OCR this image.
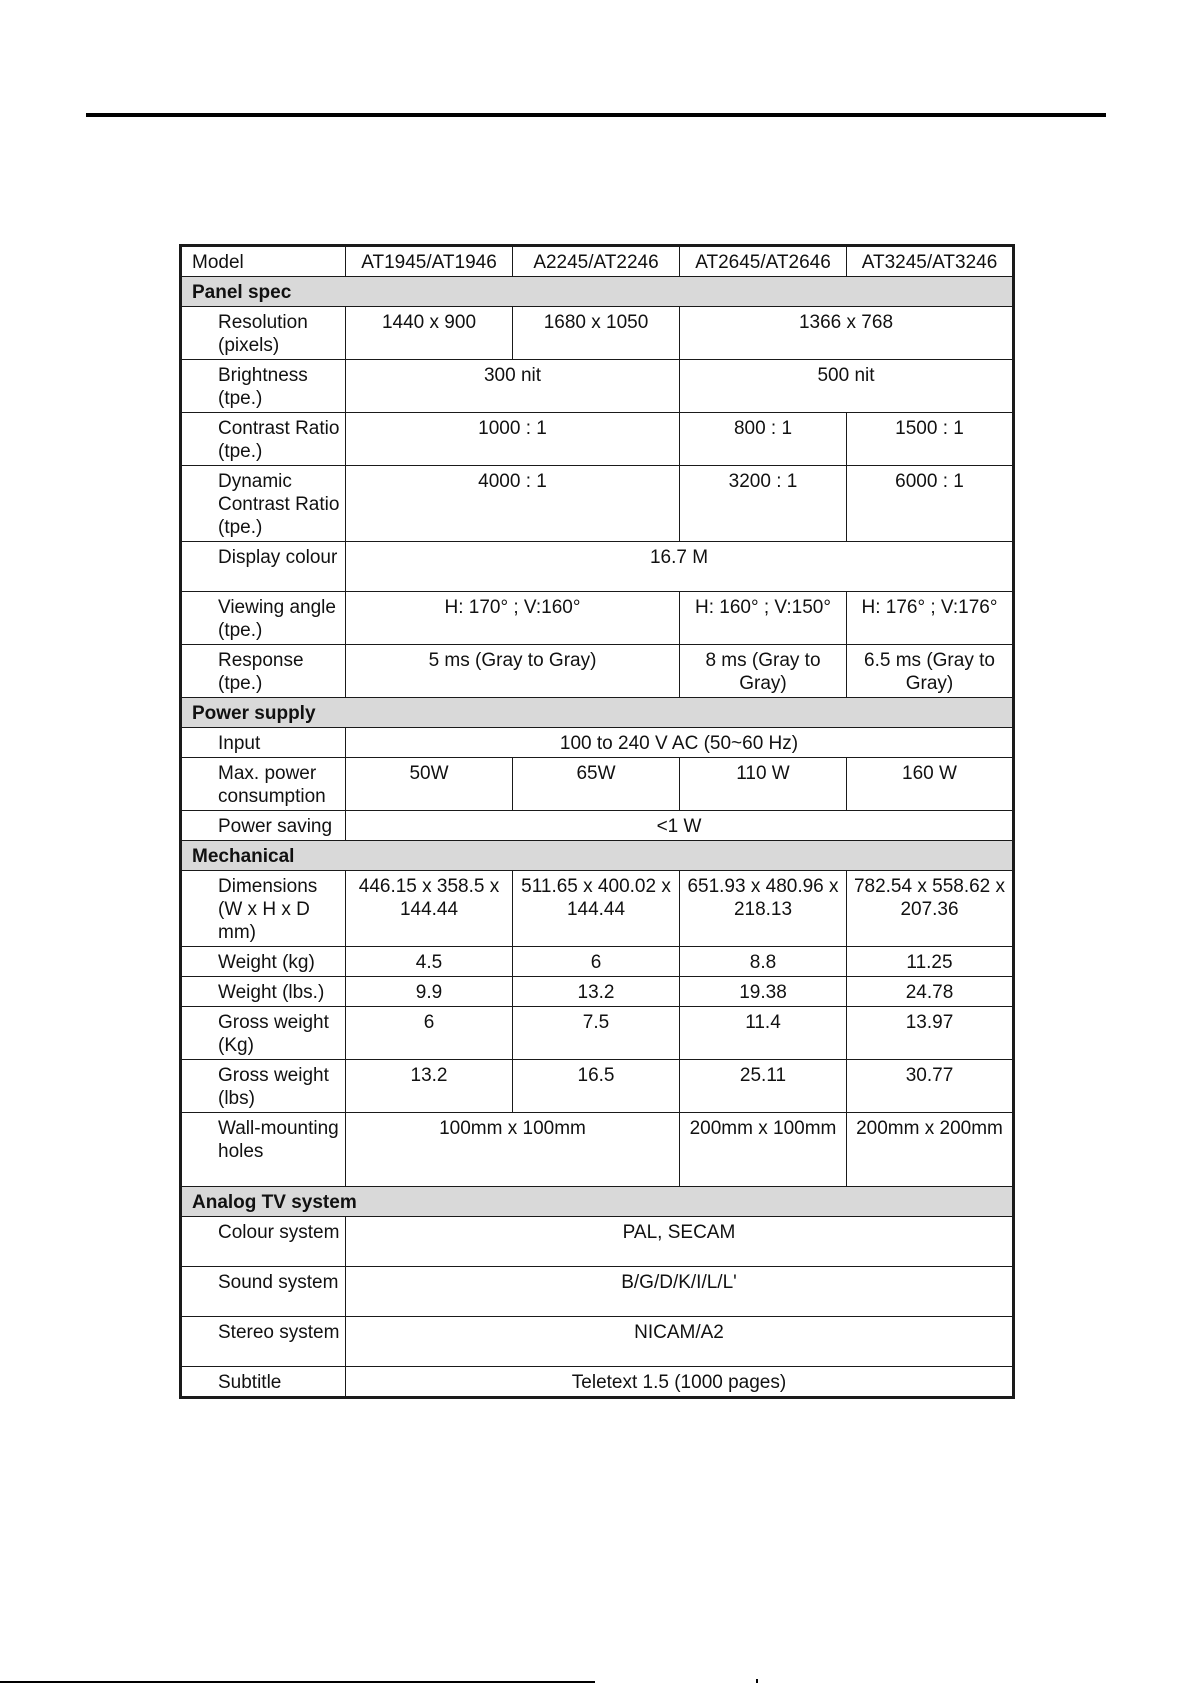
Model	AT1945/AT1946	A2245/AT2246	AT2645/AT2646	AT3245/AT3246
Panel spec				
Resolution (pixels)	1440 x 900	1680 x 1050	1366 x 768	
Brightness (tpe.)	300 nit		500 nit	
Contrast Ratio (tpe.)	1000 : 1		800 : 1	1500 : 1
Dynamic Contrast Ratio (tpe.)	4000 : 1		3200 : 1	6000 : 1
Display colour	16.7 M			
Viewing angle (tpe.)	H: 170° ; V:160°		H: 160° ; V:150°	H: 176° ; V:176°
Response (tpe.)	5 ms (Gray to Gray)		8 ms (Gray to Gray)	6.5 ms (Gray to Gray)
Power supply				
Input	100 to 240 V AC (50~60 Hz)			
Max. power consumption	50W	65W	110 W	160 W
Power saving	<1 W			
Mechanical				
Dimensions (W x H x D mm)	446.15 x 358.5 x 144.44	511.65 x 400.02 x 144.44	651.93 x 480.96 x 218.13	782.54 x 558.62 x 207.36
Weight (kg)	4.5	6	8.8	11.25
Weight (lbs.)	9.9	13.2	19.38	24.78
Gross weight (Kg)	6	7.5	11.4	13.97
Gross weight (lbs)	13.2	16.5	25.11	30.77
Wall-mounting holes	100mm x 100mm		200mm x 100mm	200mm x 200mm
Analog TV system				
Colour system	PAL, SECAM			
Sound system	B/G/D/K/I/L/L'			
Stereo system	NICAM/A2			
Subtitle	Teletext 1.5 (1000 pages)			
